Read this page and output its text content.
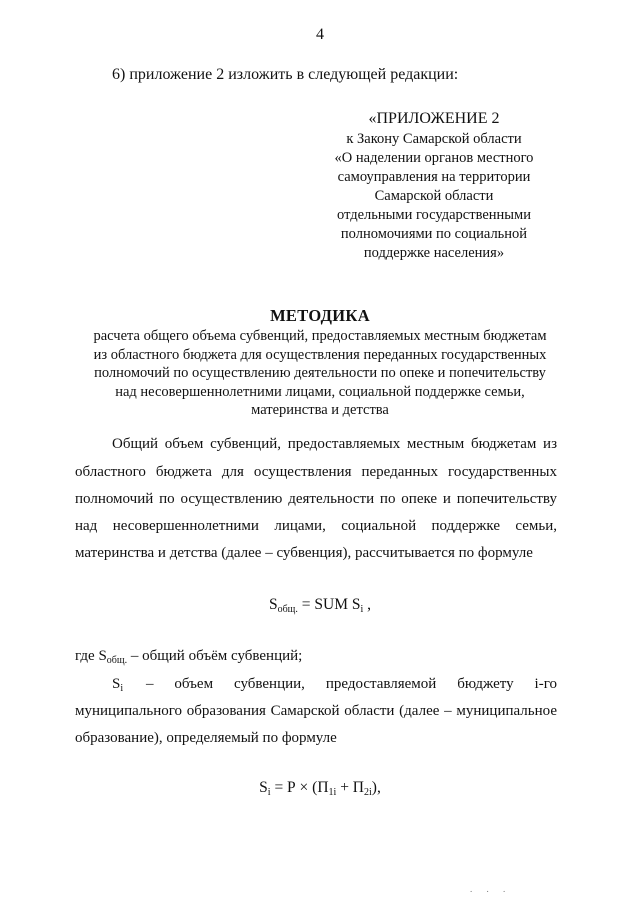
4
6) приложение 2 изложить в следующей редакции:
«ПРИЛОЖЕНИЕ 2
к Закону Самарской области
«О наделении органов местного
самоуправления на территории
Самарской области
отдельными государственными
полномочиями по социальной
поддержке населения»
МЕТОДИКА
расчета общего объема субвенций, предоставляемых местным бюджетам
из областного бюджета для осуществления переданных государственных
полномочий по осуществлению деятельности по опеке и попечительству
над несовершеннолетними лицами, социальной поддержке семьи,
материнства и детства
Общий объем субвенций, предоставляемых местным бюджетам из
областного бюджета для осуществления переданных государственных
полномочий по осуществлению деятельности по опеке и попечительству
над несовершеннолетними лицами, социальной поддержке семьи,
материнства и детства (далее – субвенция), рассчитывается по формуле
$S_{общ.}$ = SUM $S_i$ ,
где $S_{общ.}$ – общий объём субвенций;
$S_i$ – объем субвенции, предоставляемой бюджету i-го
муниципального образования Самарской области (далее – муниципальное
образование), определяемый по формуле
$S_i = Р \times (П_{1i} + П_{2i})$,
. . .
